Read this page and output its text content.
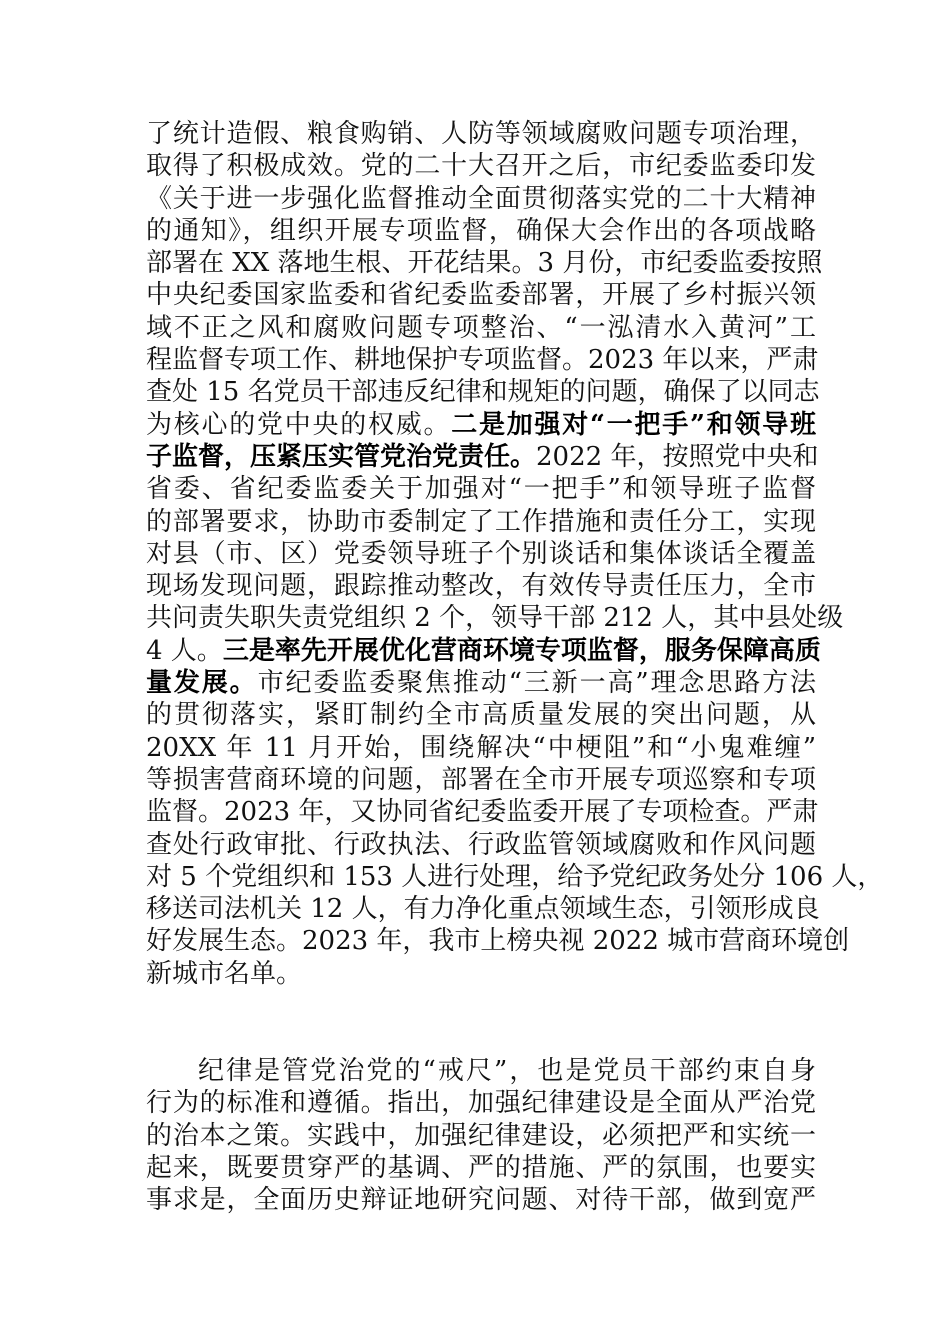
了统计造假、粮食购销、人防等领域腐败问题专项治理，
取得了积极成效。党的二十大召开之后，市纪委监委印发
《关于进一步强化监督推动全面贯彻落实党的二十大精神
的通知》，组织开展专项监督，确保大会作出的各项战略
部署在 XX 落地生根、开花结果。3 月份，市纪委监委按照
中央纪委国家监委和省纪委监委部署，开展了乡村振兴领
域不正之风和腐败问题专项整治、“一泓清水入黄河”工
程监督专项工作、耕地保护专项监督。2023 年以来，严肃
查处 15 名党员干部违反纪律和规矩的问题，确保了以同志
为核心的党中央的权威。二是加强对“一把手”和领导班
子监督，压紧压实管党治党责任。2022 年，按照党中央和
省委、省纪委监委关于加强对“一把手”和领导班子监督
的部署要求，协助市委制定了工作措施和责任分工，实现
对县（市、区）党委领导班子个别谈话和集体谈话全覆盖
现场发现问题，跟踪推动整改，有效传导责任压力，全市
共问责失职失责党组织 2 个，领导干部 212 人，其中县处级
4 人。三是率先开展优化营商环境专项监督，服务保障高质
量发展。市纪委监委聚焦推动“三新一高”理念思路方法
的贯彻落实，紧盯制约全市高质量发展的突出问题，从
20XX 年 11 月开始，围绕解决“中梗阻”和“小鬼难缠”
等损害营商环境的问题，部署在全市开展专项巡察和专项
监督。2023 年，又协同省纪委监委开展了专项检查。严肃
查处行政审批、行政执法、行政监管领域腐败和作风问题
对 5 个党组织和 153 人进行处理，给予党纪政务处分 106 人，
移送司法机关 12 人，有力净化重点领域生态，引领形成良
好发展生态。2023 年，我市上榜央视 2022 城市营商环境创
新城市名单。
纪律是管党治党的“戒尺”，也是党员干部约束自身
行为的标准和遵循。指出，加强纪律建设是全面从严治党
的治本之策。实践中，加强纪律建设，必须把严和实统一
起来，既要贯穿严的基调、严的措施、严的氛围，也要实
事求是，全面历史辩证地研究问题、对待干部，做到宽严
